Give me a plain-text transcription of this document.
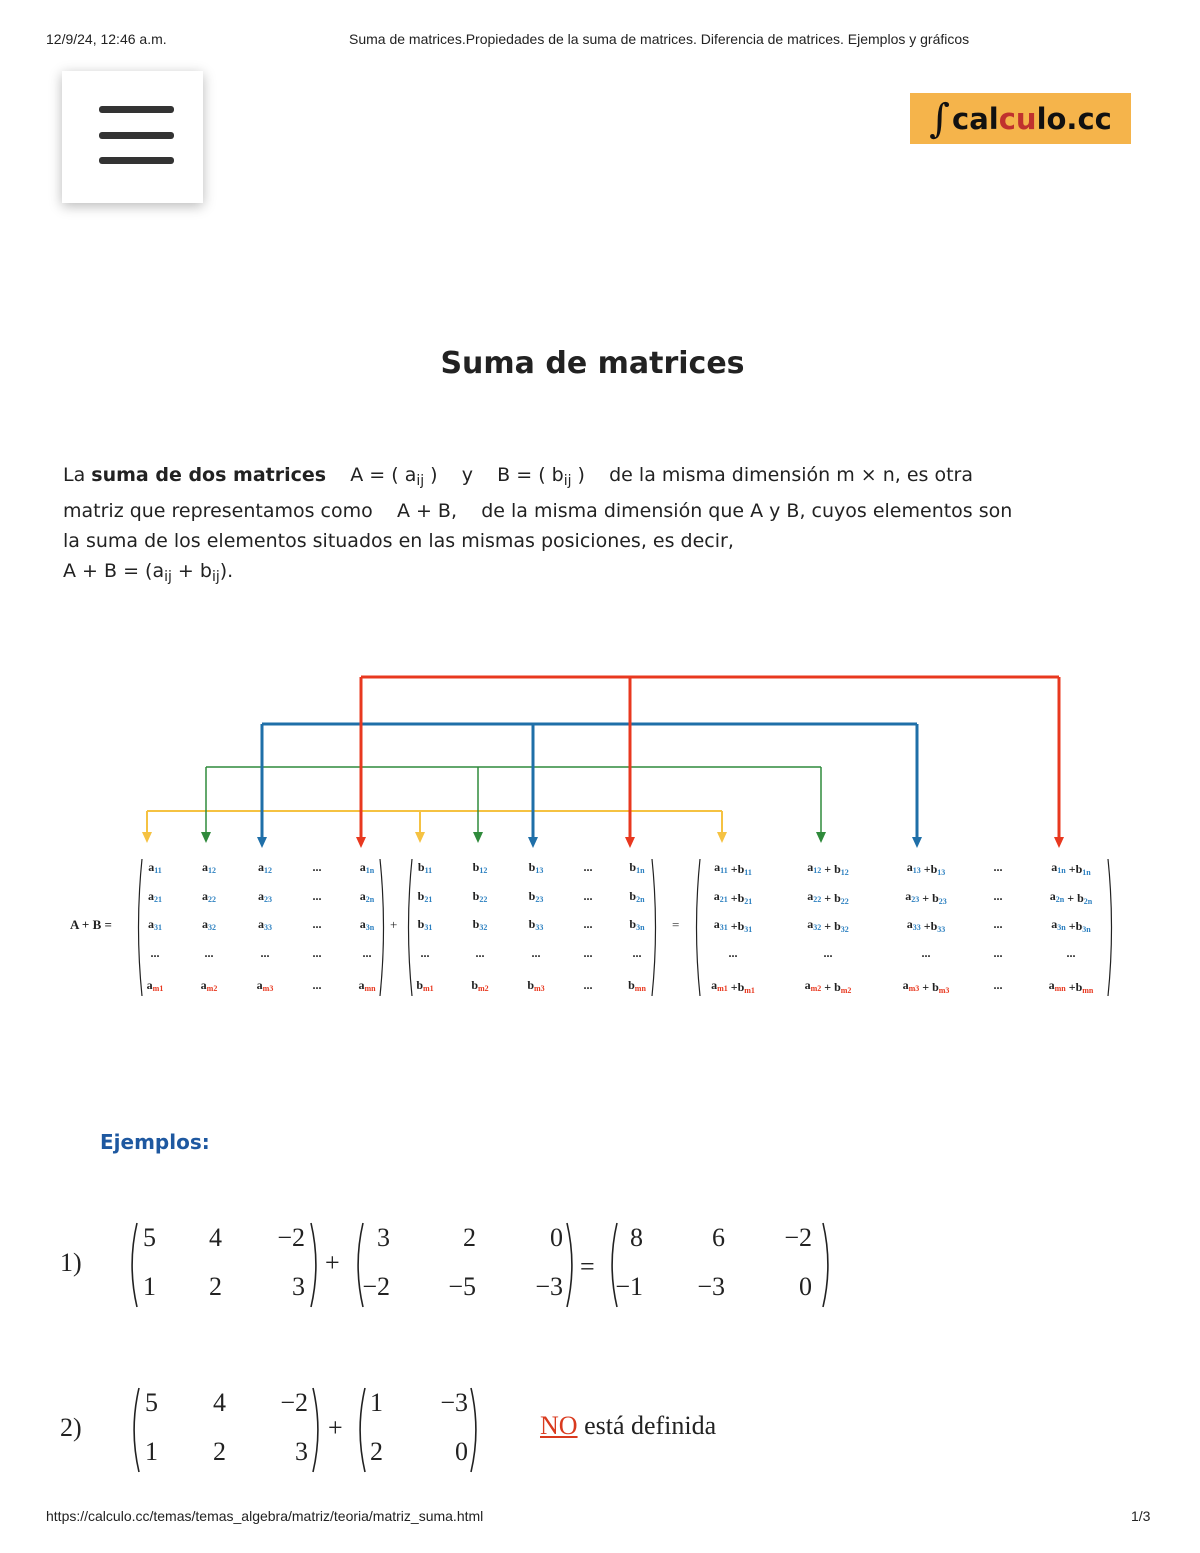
12/9/24, 12:46 a.m.	Suma de matrices.Propiedades de la suma de matrices. Diferencia de matrices. Ejemplos y gráficos
∫ calculo.cc
Suma de matrices
La suma de dos matrices A = ( $a_{ij}$ ) y B = ( $b_{ij}$ ) de la misma dimensión m × n, es otra
matriz que representamos como A + B, de la misma dimensión que A y B, cuyos elementos son
la suma de los elementos situados en las mismas posiciones, es decir,
$A + B = (a_{ij} + b_{ij})$.
A + B =	+	=
a11	a12	a12	...	a1n
a21	a22	a23	...	a2n
a31	a32	a33	...	a3n
...	...	...	...	...
am1	am2	am3	...	amn
b11	b12	b13	...	b1n
b21	b22	b23	...	b2n
b31	b32	b33	...	b3n
...	...	...	...	...
bm1	bm2	bm3	...	bmn
a11 +b11	a12 + b12	a13 +b13	...	a1n +b1n
a21 +b21	a22 + b22	a23 + b23	...	a2n + b2n
a31 +b31	a32 + b32	a33 +b33	...	a3n +b3n
...	...	...	...	...
am1 +bm1	am2 + bm2	am3 + bm3	...	amn +bmn
Ejemplos:
1)
5 4 −2
1 2	3
3	2	0
−2 −5 −3
8	6 −2
−1 −3	0
+	=
2)
5 4 −2
1 2	3
1 −3
2	0
+	NO está definida
https://calculo.cc/temas/temas_algebra/matriz/teoria/matriz_suma.html	1/3
